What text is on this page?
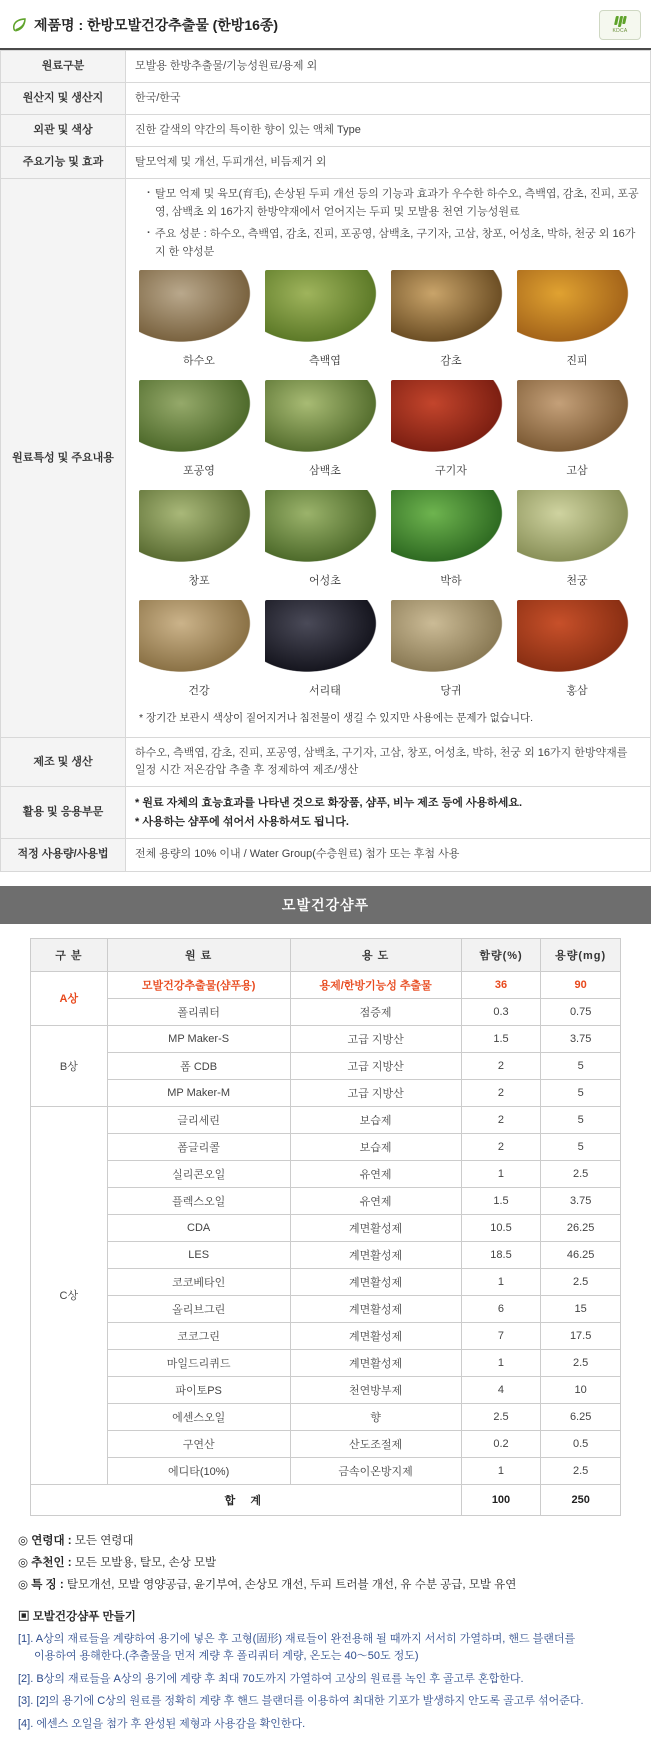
제품명 : 한방모발건강추출물 (한방16종)	KDCA
원료구분	모발용 한방추출물/기능성원료/용제 외
원산지 및 생산지	한국/한국
외관 및 색상	진한 갈색의 약간의 특이한 향이 있는 액체 Type
주요기능 및 효과	탈모억제 및 개선, 두피개선, 비듬제거 외
원료특성 및 주요내용	
· 탈모 억제 및 육모(育毛), 손상된 두피 개선 등의 기능과 효과가 우수한 하수오, 측백엽, 감초, 진피, 포공영, 삼백초 외 16가지 한방약재에서 얻어지는 두피 및 모발용 천연 기능성원료
· 주요 성분 : 하수오, 측백엽, 감초, 진피, 포공영, 삼백초, 구기자, 고삼, 창포, 어성초, 박하, 천궁 외 16가지 한 약성분
하수오	측백엽	감초	진피
포공영	삼백초	구기자	고삼
창포	어성초	박하	천궁
건강	서리태	당귀	홍삼
* 장기간 보관시 색상이 짙어지거나 침전물이 생길 수 있지만 사용에는 문제가 없습니다.

제조 및 생산	하수오, 측백엽, 감초, 진피, 포공영, 삼백초, 구기자, 고삼, 창포, 어성초, 박하, 천궁 외 16가지 한방약재를 일정 시간 저온감압 추출 후 정제하여 제조/생산
활용 및 응용부문	* 원료 자체의 효능효과를 나타낸 것으로 화장품, 샴푸, 비누 제조 등에 사용하세요.
* 사용하는 샴푸에 섞어서 사용하셔도 됩니다.

적정 사용량/사용법	전체 용량의 10% 이내 / Water Group(수층원료) 첨가 또는 후첨 사용
모발건강샴푸
구 분	원 료	용 도	함량(%)	용량(mg)
A상	모발건강추출물(샴푸용)	용제/한방기능성 추출물	36	90
	폴리쿼터	점증제	0.3	0.75
B상	MP Maker-S	고급 지방산	1.5	3.75
	폼 CDB	고급 지방산	2	5
	MP Maker-M	고급 지방산	2	5
C상	글리세린	보습제	2	5
	폼글리콜	보습제	2	5
	실리콘오일	유연제	1	2.5
	플렉스오일	유연제	1.5	3.75
	CDA	계면활성제	10.5	26.25
	LES	계면활성제	18.5	46.25
	코코베타인	계면활성제	1	2.5
	올리브그린	계면활성제	6	15
	코코그린	계면활성제	7	17.5
	마일드리퀴드	계면활성제	1	2.5
	파이토PS	천연방부제	4	10
	에센스오일	향	2.5	6.25
	구연산	산도조절제	0.2	0.5
	에디타(10%)	금속이온방지제	1	2.5
합 계			100	250

◎ 연령대 : 모든 연령대

◎ 추천인 : 모든 모발용, 탈모, 손상 모발

◎ 특 징 : 탈모개선, 모발 영양공급, 윤기부여, 손상모 개선, 두피 트러블 개선, 유 수분 공급, 모발 유연

▣ 모발건강샴푸 만들기
[1]. A상의 재료들을 계량하여 용기에 넣은 후 고형(固形) 재료들이 완전용해 될 때까지 서서히 가열하며, 핸드 블랜더를
이용하여 용해한다.(추출물을 먼저 계량 후 폴리쿼터 계량, 온도는 40〜50도 정도)
[2]. B상의 재료들을 A상의 용기에 계량 후 최대 70도까지 가열하여 고상의 원료를 녹인 후 골고루 혼합한다.
[3]. [2]의 용기에 C상의 원료를 정확히 계량 후 핸드 블랜더를 이용하여 최대한 기포가 발생하지 안도록 골고루 섞어준다.
[4]. 에센스 오일을 첨가 후 완성된 제형과 사용감을 확인한다.
